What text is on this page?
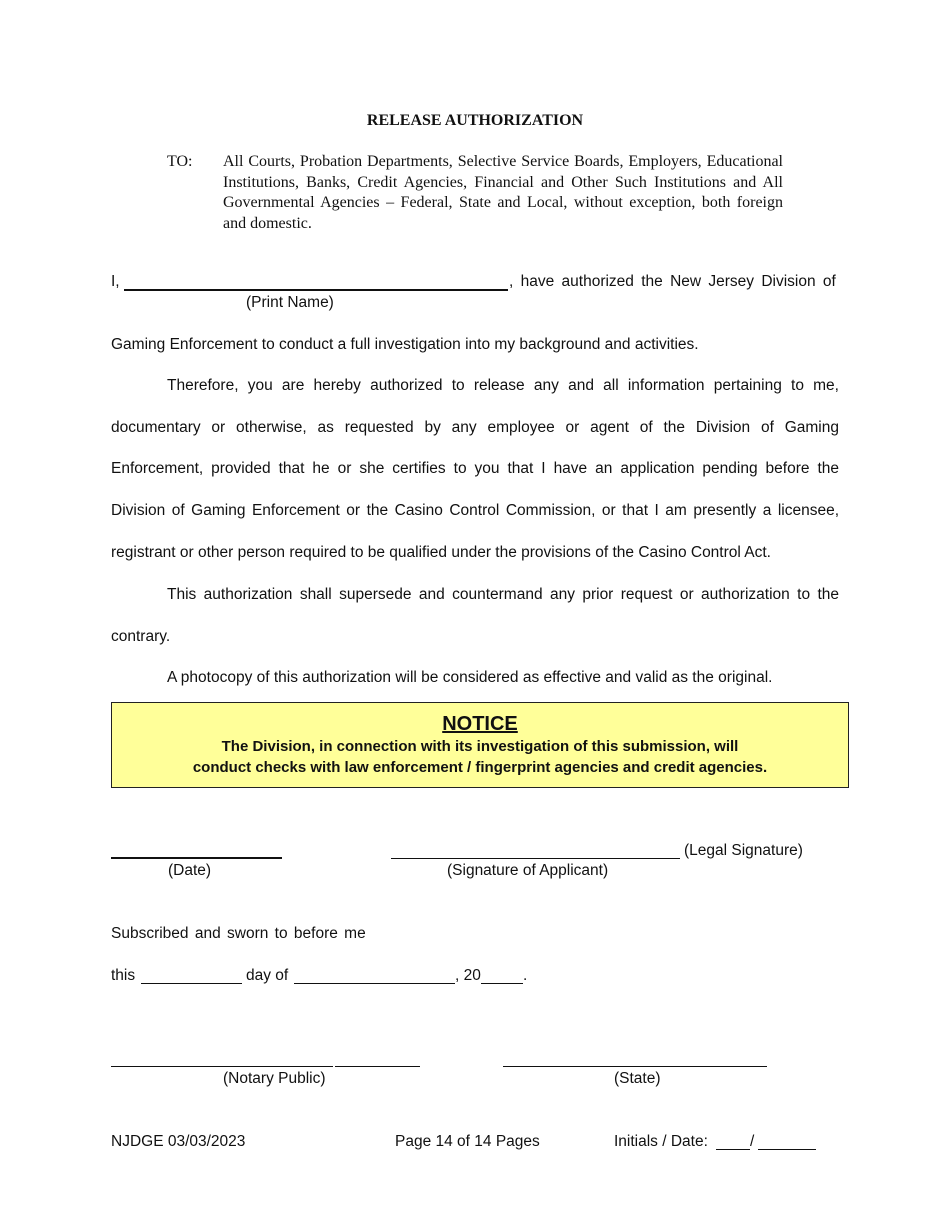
RELEASE AUTHORIZATION
TO: All Courts, Probation Departments, Selective Service Boards, Employers, Educational Institutions, Banks, Credit Agencies, Financial and Other Such Institutions and All Governmental Agencies – Federal, State and Local, without exception, both foreign and domestic.
I,	, have authorized the New Jersey Division of
(Print Name)
Gaming Enforcement to conduct a full investigation into my background and activities.
Therefore, you are hereby authorized to release any and all information pertaining to me, documentary or otherwise, as requested by any employee or agent of the Division of Gaming Enforcement, provided that he or she certifies to you that I have an application pending before the Division of Gaming Enforcement or the Casino Control Commission, or that I am presently a licensee, registrant or other person required to be qualified under the provisions of the Casino Control Act.
This authorization shall supersede and countermand any prior request or authorization to the contrary.
A photocopy of this authorization will be considered as effective and valid as the original.
NOTICE
The Division, in connection with its investigation of this submission, will
conduct checks with law enforcement / fingerprint agencies and credit agencies.
(Legal Signature)
(Date)	(Signature of Applicant)
Subscribed and sworn to before me
this	day of	, 20	.
(Notary Public)	(State)
NJDGE 03/03/2023	Page 14 of 14 Pages	Initials / Date:	/
